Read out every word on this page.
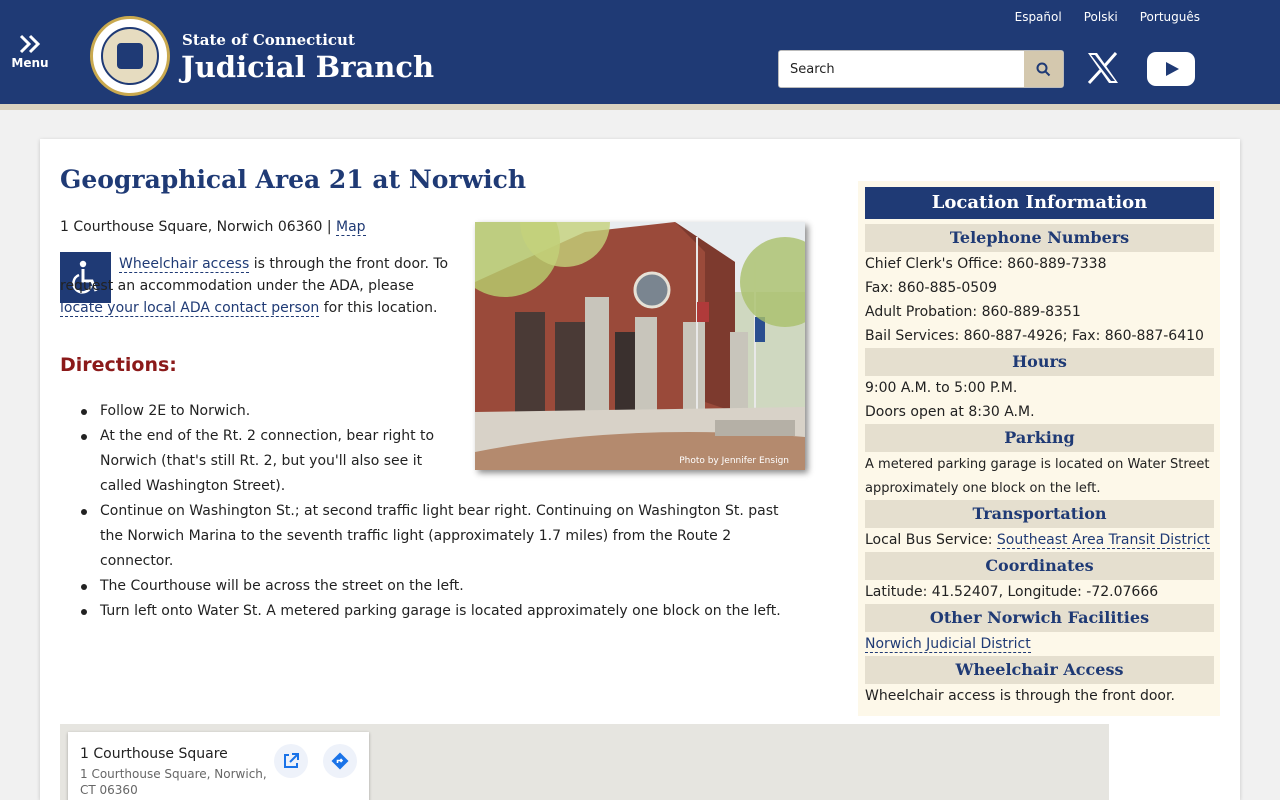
Menu
State of Connecticut
Judicial Branch
Español Polski Português
Search
Geographical Area 21 at Norwich
1 Courthouse Square, Norwich 06360 | Map
Photo by Jennifer Ensign

Wheelchair access is through the front door. To request an accommodation under the ADA, please locate your local ADA contact person for this location.

Directions:
Follow 2E to Norwich.
At the end of the Rt. 2 connection, bear right to Norwich (that's still Rt. 2, but you'll also see it called Washington Street).
Continue on Washington St.; at second traffic light bear right. Continuing on Washington St. past the Norwich Marina to the seventh traffic light (approximately 1.7 miles) from the Route 2 connector.
The Courthouse will be across the street on the left.
Turn left onto Water St. A metered parking garage is located approximately one block on the left.
Location Information
Telephone Numbers
Chief Clerk's Office: 860-889-7338
Fax: 860-885-0509
Adult Probation: 860-889-8351
Bail Services: 860-887-4926; Fax: 860-887-6410
Hours
9:00 A.M. to 5:00 P.M.
Doors open at 8:30 A.M.
Parking
A metered parking garage is located on Water Street approximately one block on the left.
Transportation
Local Bus Service: Southeast Area Transit District
Coordinates
Latitude: 41.52407, Longitude: -72.07666
Other Norwich Facilities
Norwich Judicial District
Wheelchair Access
Wheelchair access is through the front door.
1 Courthouse Square
1 Courthouse Square, Norwich, CT 06360
